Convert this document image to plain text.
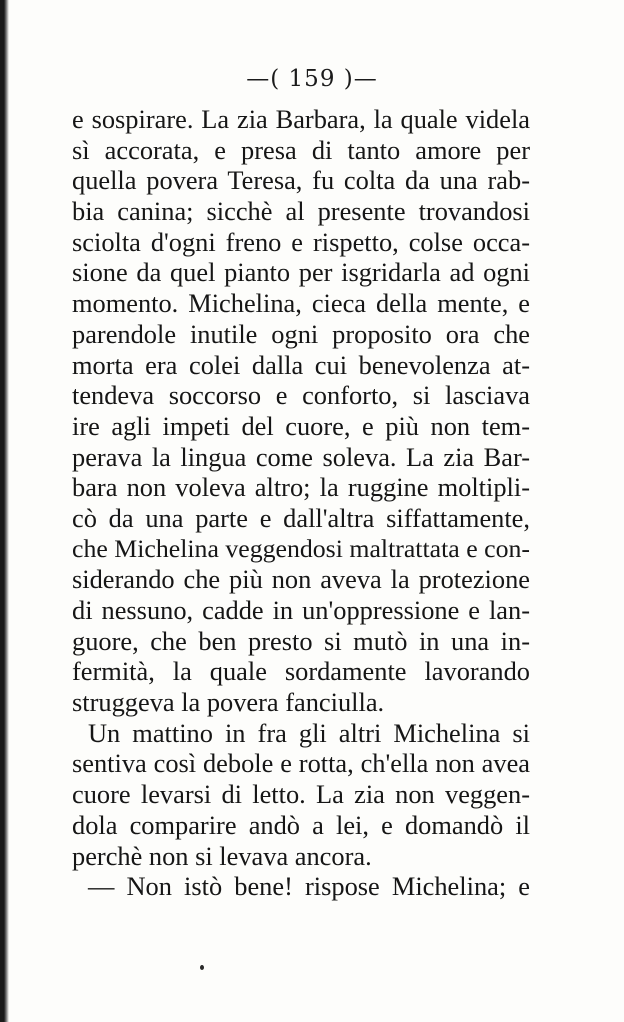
—( 159 )—
e sospirare. La zia Barbara, la quale videla
sì accorata, e presa di tanto amore per
quella povera Teresa, fu colta da una rab-
bia canina; sicchè al presente trovandosi
sciolta d'ogni freno e rispetto, colse occa-
sione da quel pianto per isgridarla ad ogni
momento. Michelina, cieca della mente, e
parendole inutile ogni proposito ora che
morta era colei dalla cui benevolenza at-
tendeva soccorso e conforto, si lasciava
ire agli impeti del cuore, e più non tem-
perava la lingua come soleva. La zia Bar-
bara non voleva altro; la ruggine moltipli-
cò da una parte e dall'altra siffattamente,
che Michelina veggendosi maltrattata e con-
siderando che più non aveva la protezione
di nessuno, cadde in un'oppressione e lan-
guore, che ben presto si mutò in una in-
fermità, la quale sordamente lavorando
struggeva la povera fanciulla.
Un mattino in fra gli altri Michelina si
sentiva così debole e rotta, ch'ella non avea
cuore levarsi di letto. La zia non veggen-
dola comparire andò a lei, e domandò il
perchè non si levava ancora.
— Non istò bene! rispose Michelina; e
